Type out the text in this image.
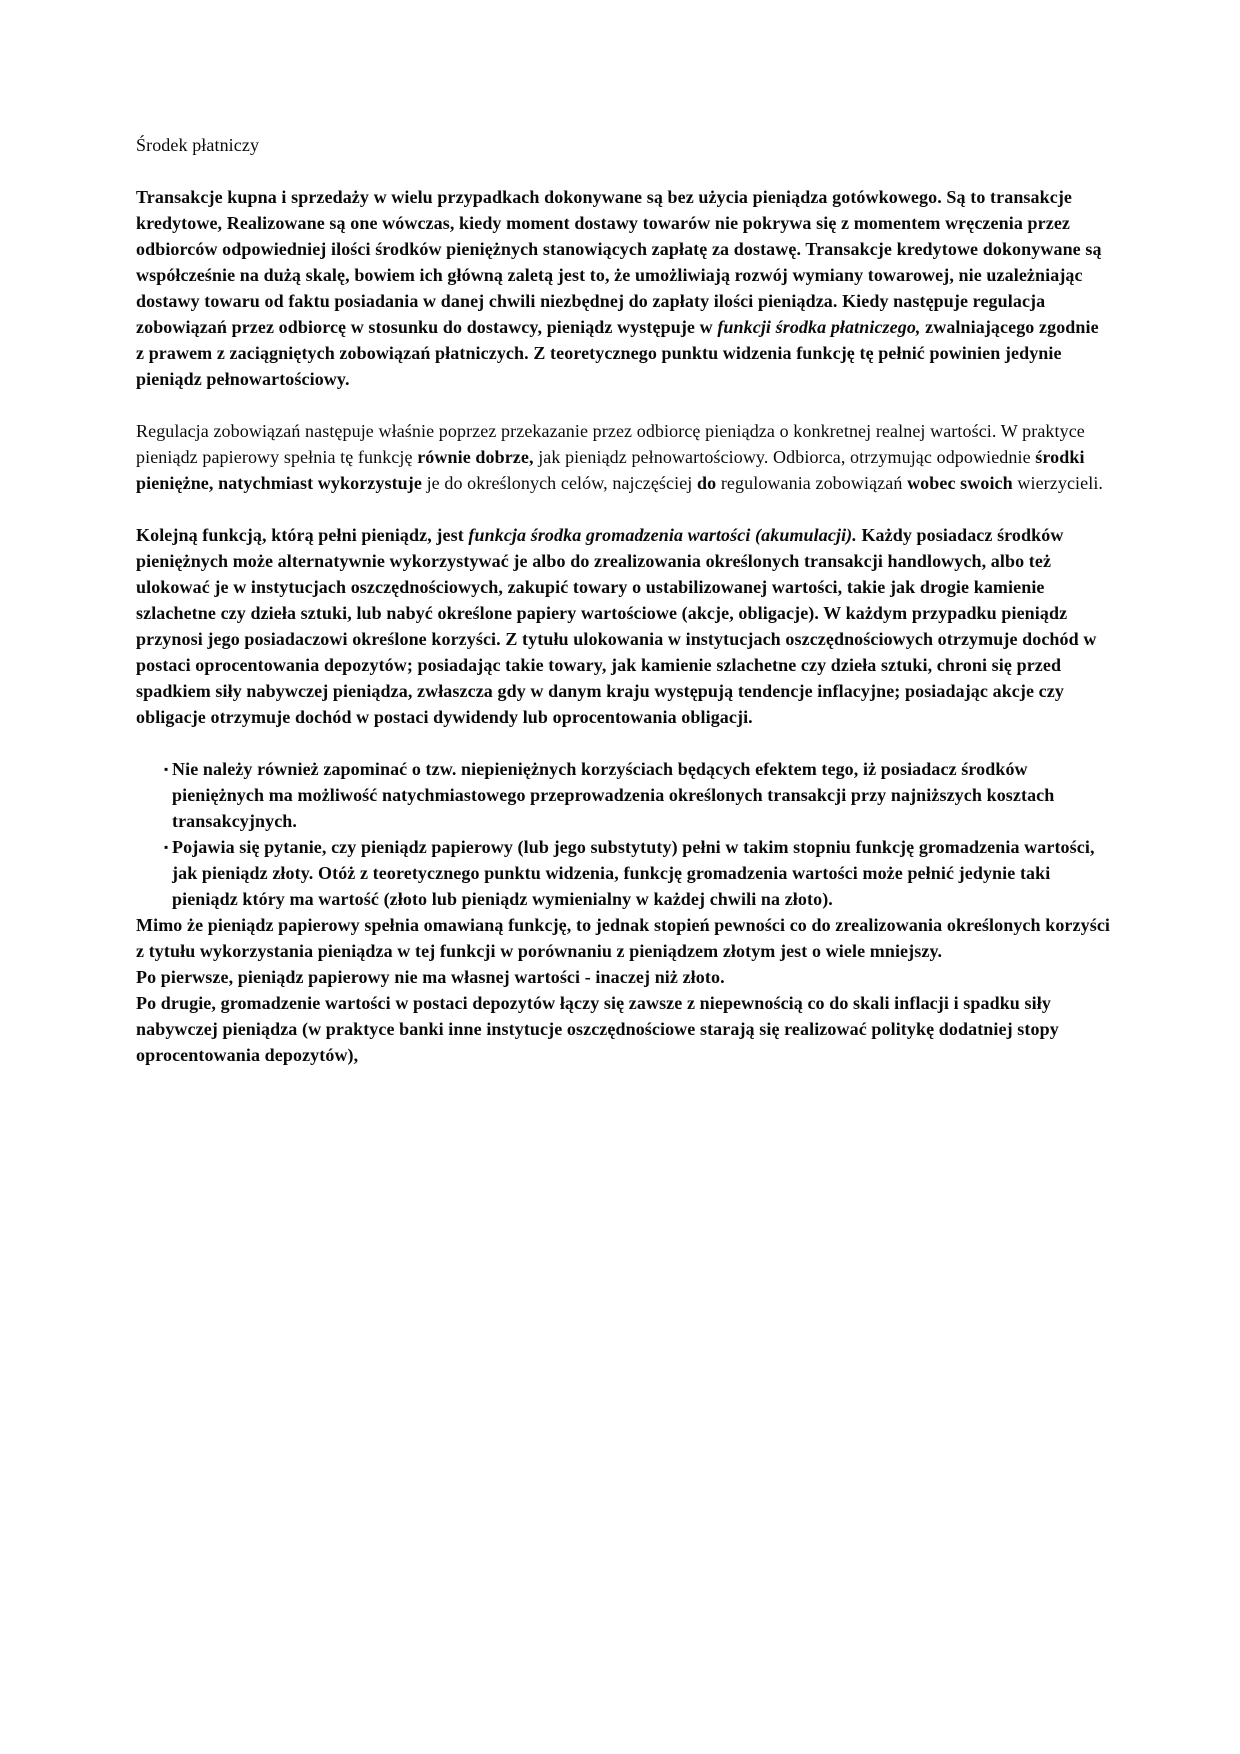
Środek płatniczy

Transakcje kupna i sprzedaży w wielu przypadkach dokonywane są bez użycia pieniądza gotówkowego. Są to transakcje kredytowe, Realizowane są one wówczas, kiedy moment dostawy towarów nie pokrywa się z momentem wręczenia przez odbiorców odpowiedniej ilości środków pieniężnych stanowiących zapłatę za dostawę. Transakcje kredytowe dokonywane są współcześnie na dużą skalę, bowiem ich główną zaletą jest to, że umożliwiają rozwój wymiany towarowej, nie uzależniając dostawy towaru od faktu posiadania w danej chwili niezbędnej do zapłaty ilości pieniądza. Kiedy następuje regulacja zobowiązań przez odbiorcę w stosunku do dostawcy, pieniądz występuje w funkcji środka płatniczego, zwalniającego zgodnie z prawem z zaciągniętych zobowiązań płatniczych. Z teoretycznego punktu widzenia funkcję tę pełnić powinien jedynie pieniądz pełnowartościowy.

Regulacja zobowiązań następuje właśnie poprzez przekazanie przez odbiorcę pieniądza o konkretnej realnej wartości. W praktyce pieniądz papierowy spełnia tę funkcję równie dobrze, jak pieniądz pełnowartościowy. Odbiorca, otrzymując odpowiednie środki pieniężne, natychmiast wykorzystuje je do określonych celów, najczęściej do regulowania zobowiązań wobec swoich wierzycieli.

Kolejną funkcją, którą pełni pieniądz, jest funkcja środka gromadzenia wartości (akumulacji). Każdy posiadacz środków pieniężnych może alternatywnie wykorzystywać je albo do zrealizowania określonych transakcji handlowych, albo też ulokować je w instytucjach oszczędnościowych, zakupić towary o ustabilizowanej wartości, takie jak drogie kamienie szlachetne czy dzieła sztuki, lub nabyć określone papiery wartościowe (akcje, obligacje). W każdym przypadku pieniądz przynosi jego posiadaczowi określone korzyści. Z tytułu ulokowania w instytucjach oszczędnościowych otrzymuje dochód w postaci oprocentowania depozytów; posiadając takie towary, jak kamienie szlachetne czy dzieła sztuki, chroni się przed spadkiem siły nabywczej pieniądza, zwłaszcza gdy w danym kraju występują tendencje inflacyjne; posiadając akcje czy obligacje otrzymuje dochód w postaci dywidendy lub oprocentowania obligacji.

▪ Nie należy również zapominać o tzw. niepieniężnych korzyściach będących efektem tego, iż posiadacz środków pieniężnych ma możliwość natychmiastowego przeprowadzenia określonych transakcji przy najniższych kosztach transakcyjnych.
▪ Pojawia się pytanie, czy pieniądz papierowy (lub jego substytuty) pełni w takim stopniu funkcję gromadzenia wartości, jak pieniądz złoty. Otóż z teoretycznego punktu widzenia, funkcję gromadzenia wartości może pełnić jedynie taki pieniądz który ma wartość (złoto lub pieniądz wymienialny w każdej chwili na złoto).

Mimo że pieniądz papierowy spełnia omawianą funkcję, to jednak stopień pewności co do zrealizowania określonych korzyści z tytułu wykorzystania pieniądza w tej funkcji w porównaniu z pieniądzem złotym jest o wiele mniejszy.

Po pierwsze, pieniądz papierowy nie ma własnej wartości - inaczej niż złoto.

Po drugie, gromadzenie wartości w postaci depozytów łączy się zawsze z niepewnością co do skali inflacji i spadku siły nabywczej pieniądza (w praktyce banki inne instytucje oszczędnościowe starają się realizować politykę dodatniej stopy oprocentowania depozytów),
